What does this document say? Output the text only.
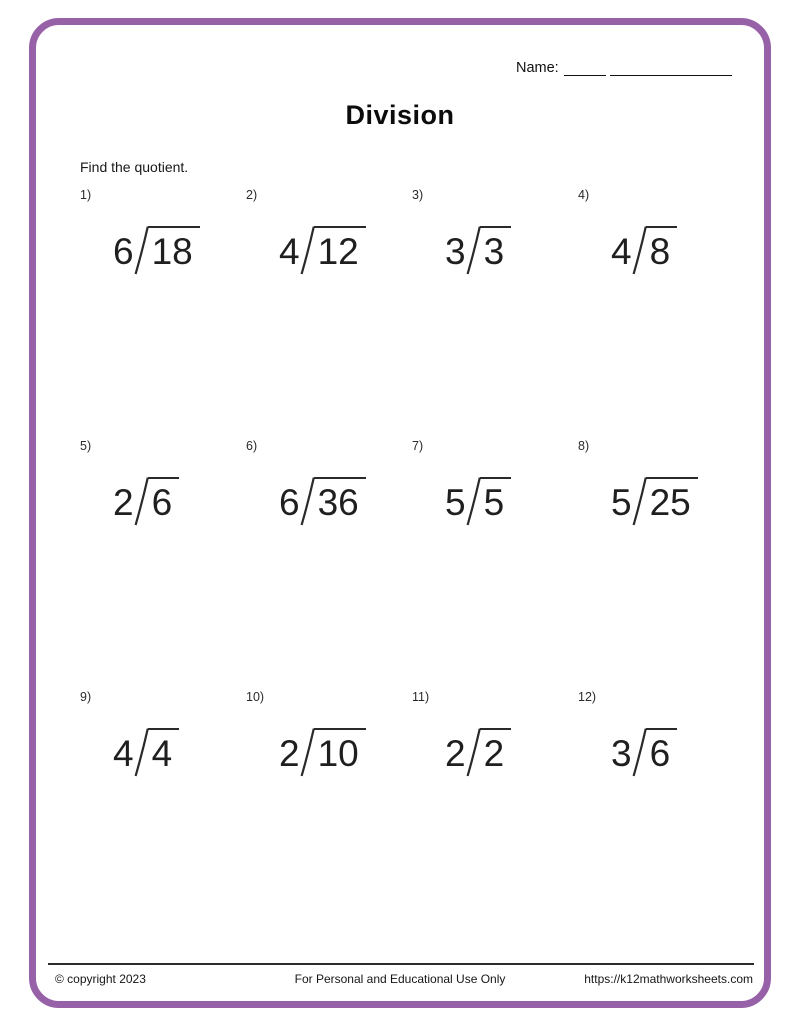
Name:
Division
Find the quotient.
1)
6 18
2)
4 12
3)
3 3
4)
4 8
5)
2 6
6)
6 36
7)
5 5
8)
5 25
9)
4 4
10)
2 10
11)
2 2
12)
3 6
© copyright 2023	For Personal and Educational Use Only	https://k12mathworksheets.com
